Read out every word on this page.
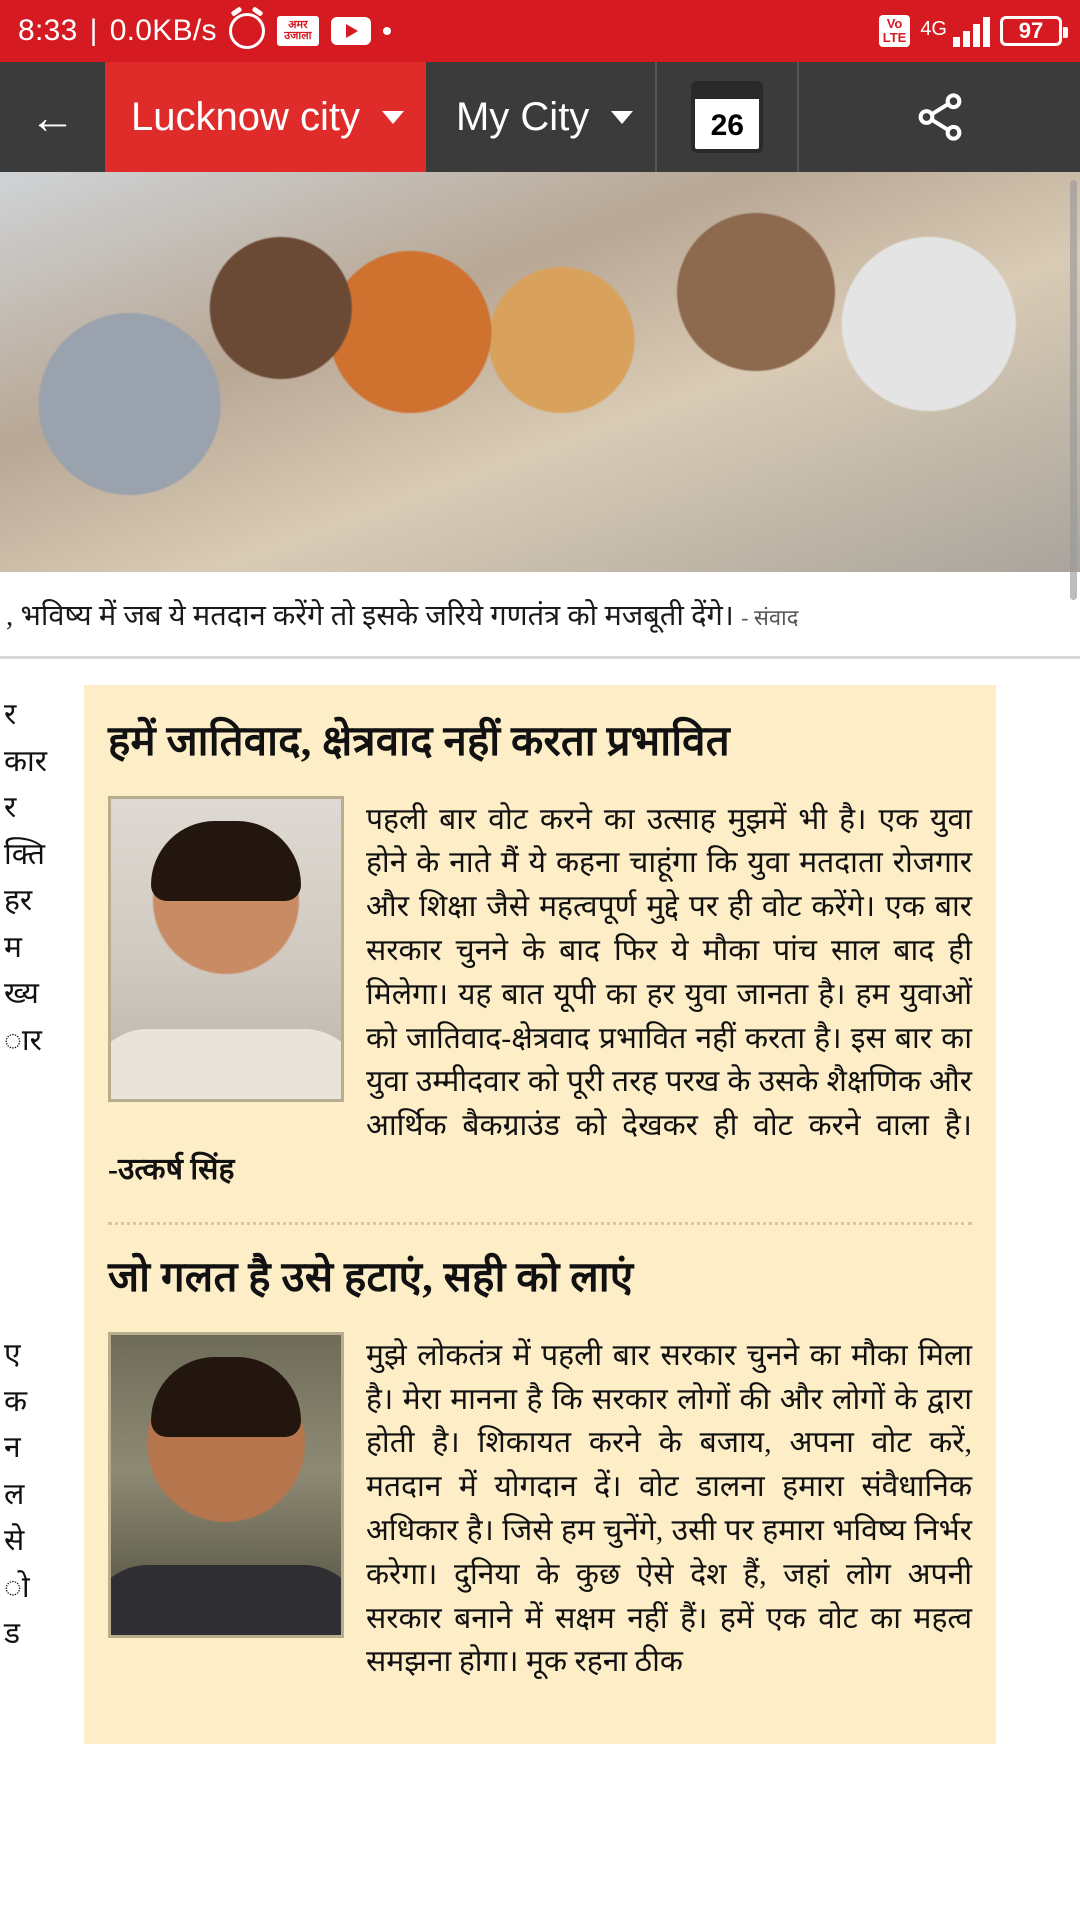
8:33 | 0.0KB/s	अमर
उजाला
Vo
LTE 4G	97
← Lucknow city My City	26
, भविष्य में जब ये मतदान करेंगे तो इसके जरिये गणतंत्र को मजबूती देंगे। - संवाद
र
कार
र
क्ति
हर
म
ख्य
ार
ए
क
न
ल
से
ो
ड
हमें जातिवाद, क्षेत्रवाद नहीं करता प्रभावित

पहली बार वोट करने का उत्साह मुझमें भी है। एक युवा होने के नाते मैं ये कहना चाहूंगा कि युवा मतदाता रोजगार और शिक्षा जैसे महत्वपूर्ण मुद्दे पर ही वोट करेंगे। एक बार सरकार चुनने के बाद फिर ये मौका पांच साल बाद ही मिलेगा। यह बात यूपी का हर युवा जानता है। हम युवाओं को जातिवाद-क्षेत्रवाद प्रभावित नहीं करता है। इस बार का युवा उम्मीदवार को पूरी तरह परख के उसके शैक्षणिक और आर्थिक बैकग्राउंड को देखकर ही वोट करने वाला है। -उत्कर्ष सिंह

जो गलत है उसे हटाएं, सही को लाएं

मुझे लोकतंत्र में पहली बार सरकार चुनने का मौका मिला है। मेरा मानना है कि सरकार लोगों की और लोगों के द्वारा होती है। शिकायत करने के बजाय, अपना वोट करें, मतदान में योगदान दें। वोट डालना हमारा संवैधानिक अधिकार है। जिसे हम चुनेंगे, उसी पर हमारा भविष्य निर्भर करेगा। दुनिया के कुछ ऐसे देश हैं, जहां लोग अपनी सरकार बनाने में सक्षम नहीं हैं। हमें एक वोट का महत्व समझना होगा। मूक रहना ठीक
